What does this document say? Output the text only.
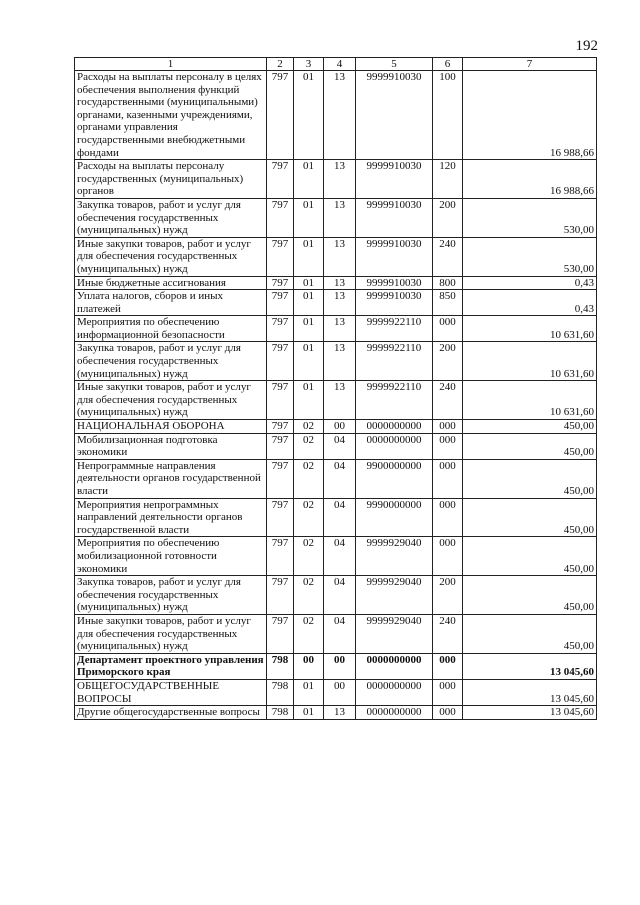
192
1	2	3	4	5	6	7
Расходы на выплаты персоналу в целях обеспечения выполнения функций государственными (муниципальными) органами, казенными учреждениями, органами управления государственными внебюджетными фондами	797	01	13	9999910030	100	16 988,66
Расходы на выплаты персоналу государственных (муниципальных) органов	797	01	13	9999910030	120	16 988,66
Закупка товаров, работ и услуг для обеспечения государственных (муниципальных) нужд	797	01	13	9999910030	200	530,00
Иные закупки товаров, работ и услуг для обеспечения государственных (муниципальных) нужд	797	01	13	9999910030	240	530,00
Иные бюджетные ассигнования	797	01	13	9999910030	800	0,43
Уплата налогов, сборов и иных платежей	797	01	13	9999910030	850	0,43
Мероприятия по обеспечению информационной безопасности	797	01	13	9999922110	000	10 631,60
Закупка товаров, работ и услуг для обеспечения государственных (муниципальных) нужд	797	01	13	9999922110	200	10 631,60
Иные закупки товаров, работ и услуг для обеспечения государственных (муниципальных) нужд	797	01	13	9999922110	240	10 631,60
НАЦИОНАЛЬНАЯ ОБОРОНА	797	02	00	0000000000	000	450,00
Мобилизационная подготовка экономики	797	02	04	0000000000	000	450,00
Непрограммные направления деятельности органов государственной власти	797	02	04	9900000000	000	450,00
Мероприятия непрограммных направлений деятельности органов государственной власти	797	02	04	9990000000	000	450,00
Мероприятия по обеспечению мобилизационной готовности экономики	797	02	04	9999929040	000	450,00
Закупка товаров, работ и услуг для обеспечения государственных (муниципальных) нужд	797	02	04	9999929040	200	450,00
Иные закупки товаров, работ и услуг для обеспечения государственных (муниципальных) нужд	797	02	04	9999929040	240	450,00
Департамент проектного управления Приморского края	798	00	00	0000000000	000	13 045,60
ОБЩЕГОСУДАРСТВЕННЫЕ ВОПРОСЫ	798	01	00	0000000000	000	13 045,60
Другие общегосударственные вопросы	798	01	13	0000000000	000	13 045,60
